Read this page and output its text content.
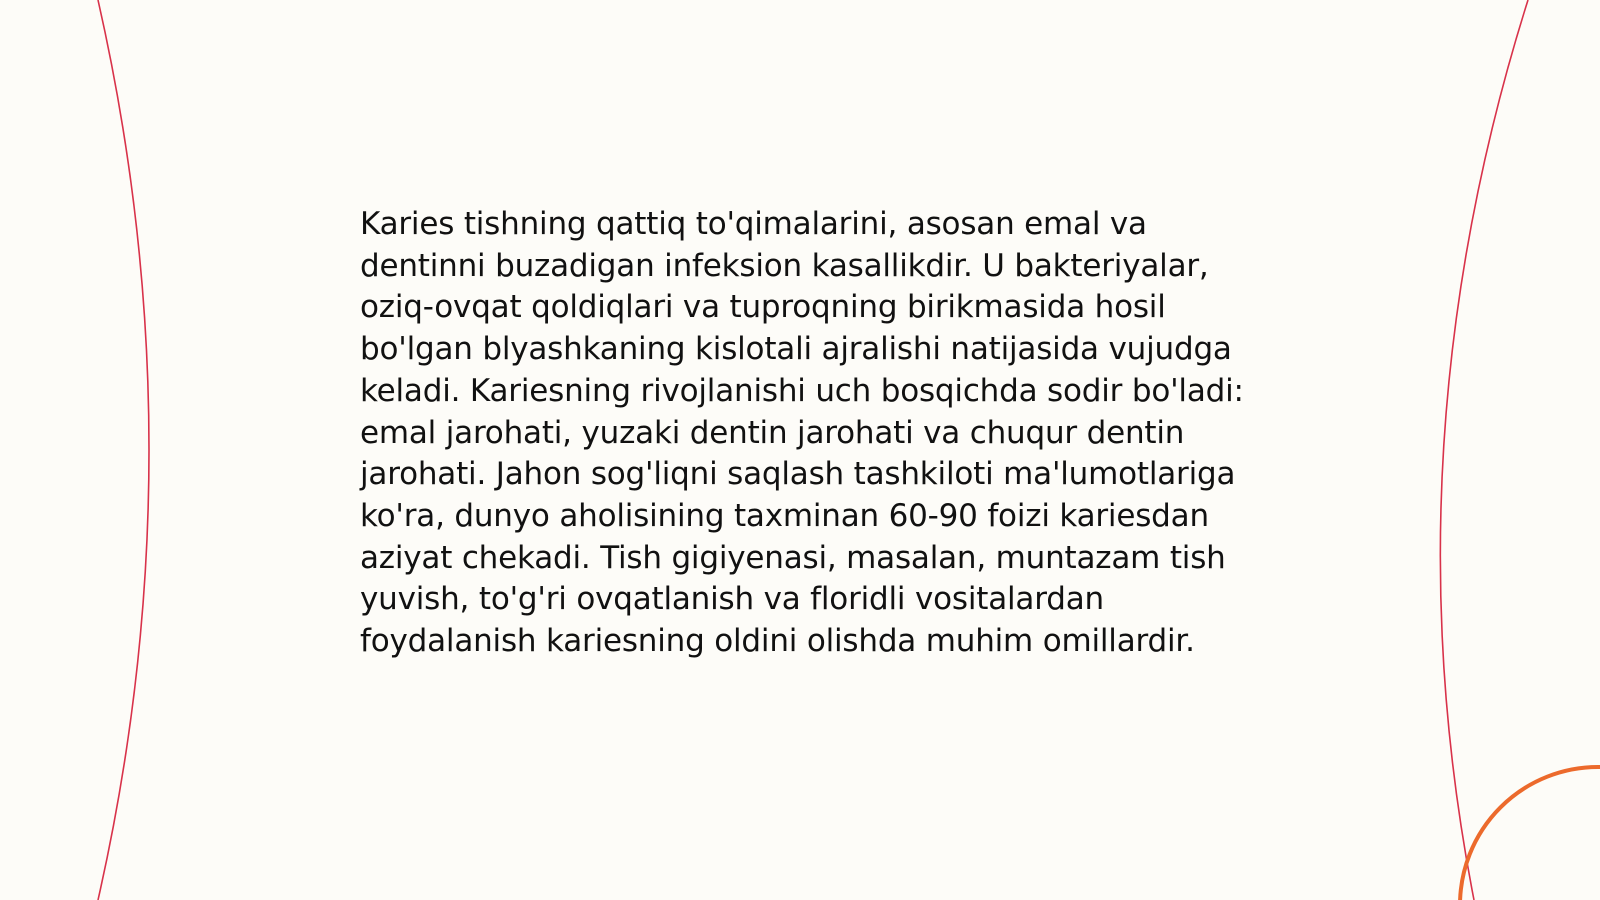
Karies tishning qattiq to'qimalarini, asosan emal va dentinni buzadigan infeksion kasallikdir. U bakteriyalar, oziq-ovqat qoldiqlari va tuproqning birikmasida hosil bo'lgan blyashkaning kislotali ajralishi natijasida vujudga keladi. Kariesning rivojlanishi uch bosqichda sodir bo'ladi: emal jarohati, yuzaki dentin jarohati va chuqur dentin jarohati. Jahon sog'liqni saqlash tashkiloti ma'lumotlariga ko'ra, dunyo aholisining taxminan 60-90 foizi kariesdan aziyat chekadi. Tish gigiyenasi, masalan, muntazam tish yuvish, to'g'ri ovqatlanish va floridli vositalardan foydalanish kariesning oldini olishda muhim omillardir.
